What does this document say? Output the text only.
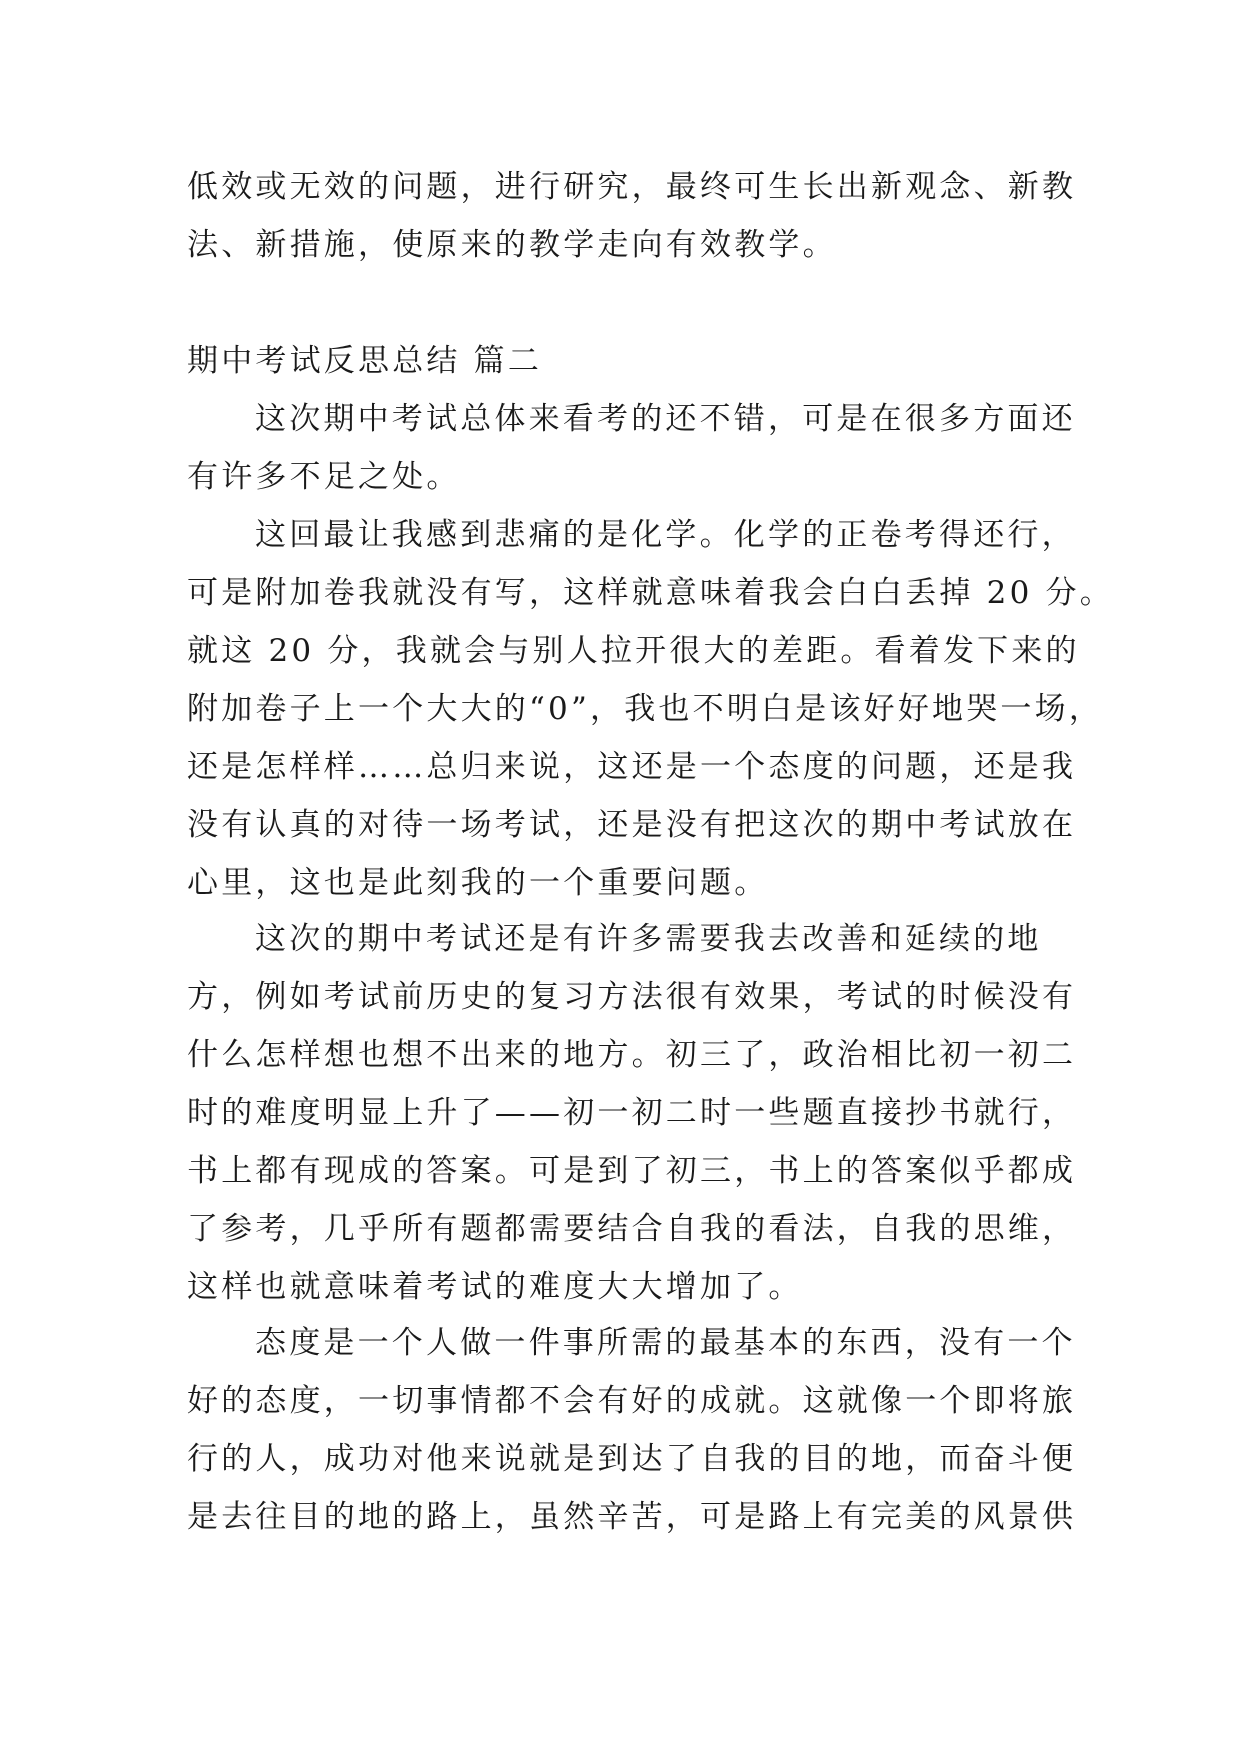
低效或无效的问题，进行研究，最终可生长出新观念、新教
法、新措施，使原来的教学走向有效教学。
期中考试反思总结 篇二
这次期中考试总体来看考的还不错，可是在很多方面还
有许多不足之处。
这回最让我感到悲痛的是化学。化学的正卷考得还行，
可是附加卷我就没有写，这样就意味着我会白白丢掉 20 分。
就这 20 分，我就会与别人拉开很大的差距。看着发下来的
附加卷子上一个大大的“0”，我也不明白是该好好地哭一场，
还是怎样样……总归来说，这还是一个态度的问题，还是我
没有认真的对待一场考试，还是没有把这次的期中考试放在
心里，这也是此刻我的一个重要问题。
这次的期中考试还是有许多需要我去改善和延续的地
方，例如考试前历史的复习方法很有效果，考试的时候没有
什么怎样想也想不出来的地方。初三了，政治相比初一初二
时的难度明显上升了——初一初二时一些题直接抄书就行，
书上都有现成的答案。可是到了初三，书上的答案似乎都成
了参考，几乎所有题都需要结合自我的看法，自我的思维，
这样也就意味着考试的难度大大增加了。
态度是一个人做一件事所需的最基本的东西，没有一个
好的态度，一切事情都不会有好的成就。这就像一个即将旅
行的人，成功对他来说就是到达了自我的目的地，而奋斗便
是去往目的地的路上，虽然辛苦，可是路上有完美的风景供
